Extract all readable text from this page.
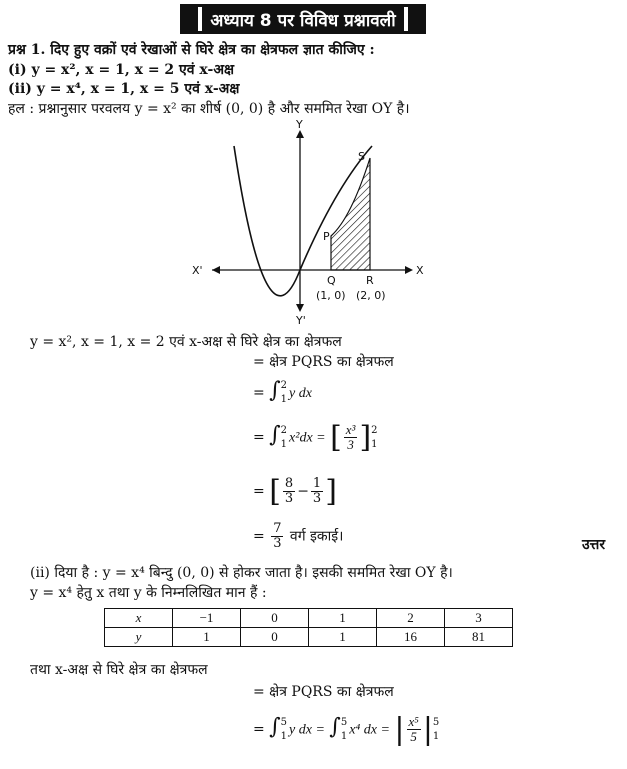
अध्याय 8 पर विविध प्रश्नावली
प्रश्न 1. दिए हुए वक्रों एवं रेखाओं से घिरे क्षेत्र का क्षेत्रफल ज्ञात कीजिए :
(i) y = x², x = 1, x = 2 एवं x-अक्ष
(ii) y = x⁴, x = 1, x = 5 एवं x-अक्ष
हल : प्रश्नानुसार परवलय y = x² का शीर्ष (0, 0) है और सममित रेखा OY है।
Y
Y'
X
X'
S
P
Q	R
(1, 0) (2, 0)
y = x², x = 1, x = 2 एवं x-अक्ष से घिरे क्षेत्र का क्षेत्रफल
= क्षेत्र PQRS का क्षेत्रफल
= ∫ 2
1 y dx
= ∫ 2
1 x²dx = [ $\frac{\text{x³}}{3}$ ] 2
1
= [ $\frac{8}{3} - \frac{1}{3}$ ]
= $\frac{7}{3}$ वर्ग इकाई।
उत्तर
(ii) दिया है : y = x⁴ बिन्दु (0, 0) से होकर जाता है। इसकी सममित रेखा OY है।
y = x⁴ हेतु x तथा y के निम्नलिखित मान हैं :
x	−1	0	1	2	3
y	1	0	1	16	81
तथा x-अक्ष से घिरे क्षेत्र का क्षेत्रफल
= क्षेत्र PQRS का क्षेत्रफल
= ∫ 5
1 y dx = ∫ 5
1 x⁴ dx = | $\frac{\text{x⁵}}{5}$ | 5
1
